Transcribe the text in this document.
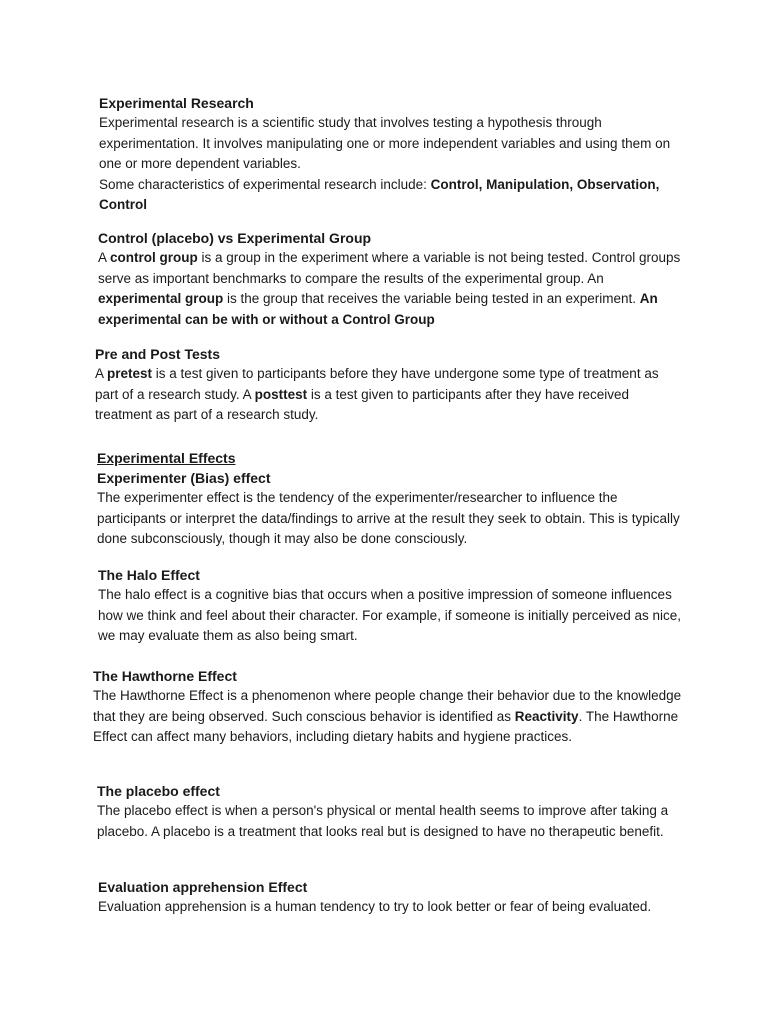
Experimental Research

Experimental research is a scientific study that involves testing a hypothesis through experimentation. It involves manipulating one or more independent variables and using them on one or more dependent variables.
Some characteristics of experimental research include: Control, Manipulation, Observation, Control

Control (placebo) vs Experimental Group

A control group is a group in the experiment where a variable is not being tested. Control groups serve as important benchmarks to compare the results of the experimental group. An experimental group is the group that receives the variable being tested in an experiment. An experimental can be with or without a Control Group

Pre and Post Tests

A pretest is a test given to participants before they have undergone some type of treatment as part of a research study. A posttest is a test given to participants after they have received treatment as part of a research study.

Experimental Effects
Experimenter (Bias) effect

The experimenter effect is the tendency of the experimenter/researcher to influence the participants or interpret the data/findings to arrive at the result they seek to obtain. This is typically done subconsciously, though it may also be done consciously.

The Halo Effect

The halo effect is a cognitive bias that occurs when a positive impression of someone influences how we think and feel about their character. For example, if someone is initially perceived as nice, we may evaluate them as also being smart.

The Hawthorne Effect

The Hawthorne Effect is a phenomenon where people change their behavior due to the knowledge that they are being observed. Such conscious behavior is identified as Reactivity. The Hawthorne Effect can affect many behaviors, including dietary habits and hygiene practices.

The placebo effect

The placebo effect is when a person's physical or mental health seems to improve after taking a placebo. A placebo is a treatment that looks real but is designed to have no therapeutic benefit.

Evaluation apprehension Effect

Evaluation apprehension is a human tendency to try to look better or fear of being evaluated.
